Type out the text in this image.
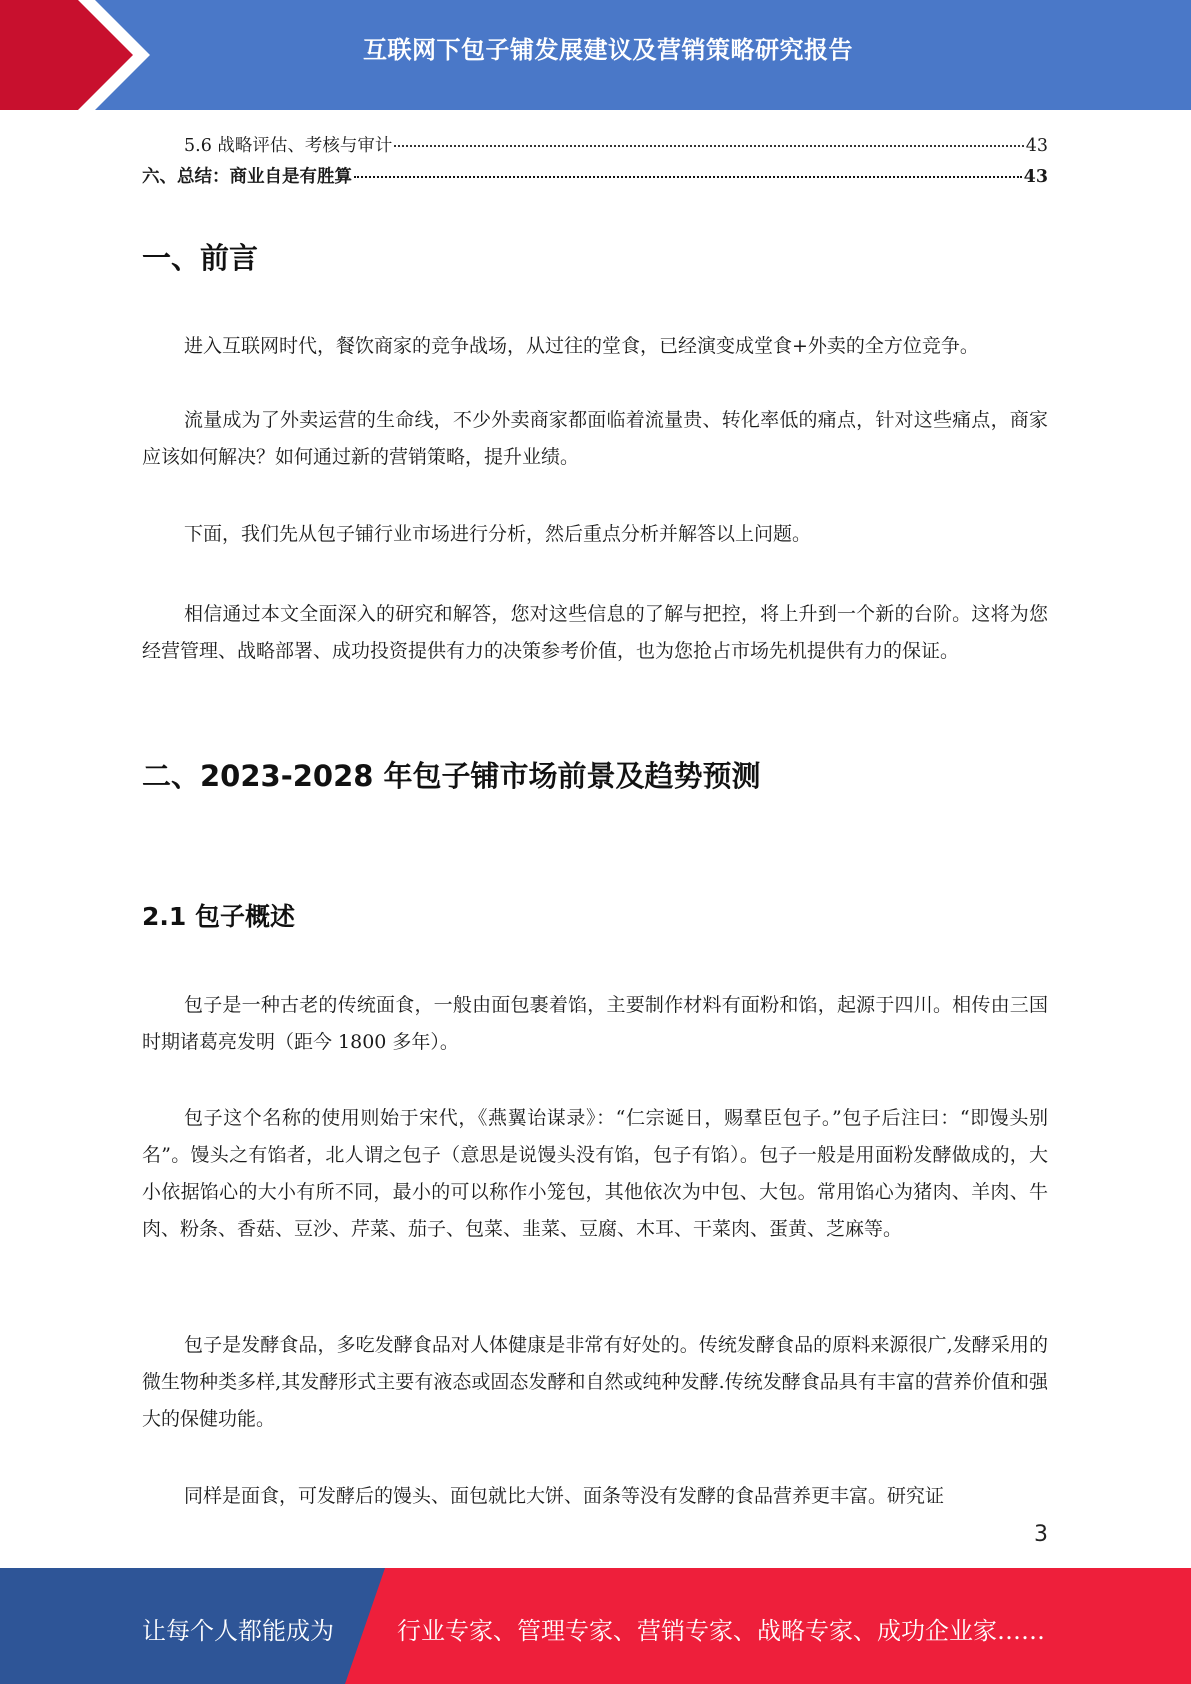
互联网下包子铺发展建议及营销策略研究报告
5.6 战略评估、考核与审计	43
六、总结：商业自是有胜算	43
一、前言

进入互联网时代，餐饮商家的竞争战场，从过往的堂食，已经演变成堂食+外卖的全方位竞争。

流量成为了外卖运营的生命线，不少外卖商家都面临着流量贵、转化率低的痛点，针对这些痛点，商家应该如何解决？如何通过新的营销策略，提升业绩。

下面，我们先从包子铺行业市场进行分析，然后重点分析并解答以上问题。

相信通过本文全面深入的研究和解答，您对这些信息的了解与把控，将上升到一个新的台阶。这将为您经营管理、战略部署、成功投资提供有力的决策参考价值，也为您抢占市场先机提供有力的保证。

二、2023-2028 年包子铺市场前景及趋势预测
2.1 包子概述

包子是一种古老的传统面食，一般由面包裹着馅，主要制作材料有面粉和馅，起源于四川。相传由三国时期诸葛亮发明（距今 1800 多年）。

包子这个名称的使用则始于宋代，《燕翼诒谋录》：“仁宗诞日，赐羣臣包子。”包子后注曰：“即馒头别名”。馒头之有馅者，北人谓之包子（意思是说馒头没有馅，包子有馅）。包子一般是用面粉发酵做成的，大小依据馅心的大小有所不同，最小的可以称作小笼包，其他依次为中包、大包。常用馅心为猪肉、羊肉、牛肉、粉条、香菇、豆沙、芹菜、茄子、包菜、韭菜、豆腐、木耳、干菜肉、蛋黄、芝麻等。

包子是发酵食品，多吃发酵食品对人体健康是非常有好处的。传统发酵食品的原料来源很广,发酵采用的微生物种类多样,其发酵形式主要有液态或固态发酵和自然或纯种发酵.传统发酵食品具有丰富的营养价值和强大的保健功能。

同样是面食，可发酵后的馒头、面包就比大饼、面条等没有发酵的食品营养更丰富。研究证

3
让每个人都能成为	行业专家、管理专家、营销专家、战略专家、成功企业家……
